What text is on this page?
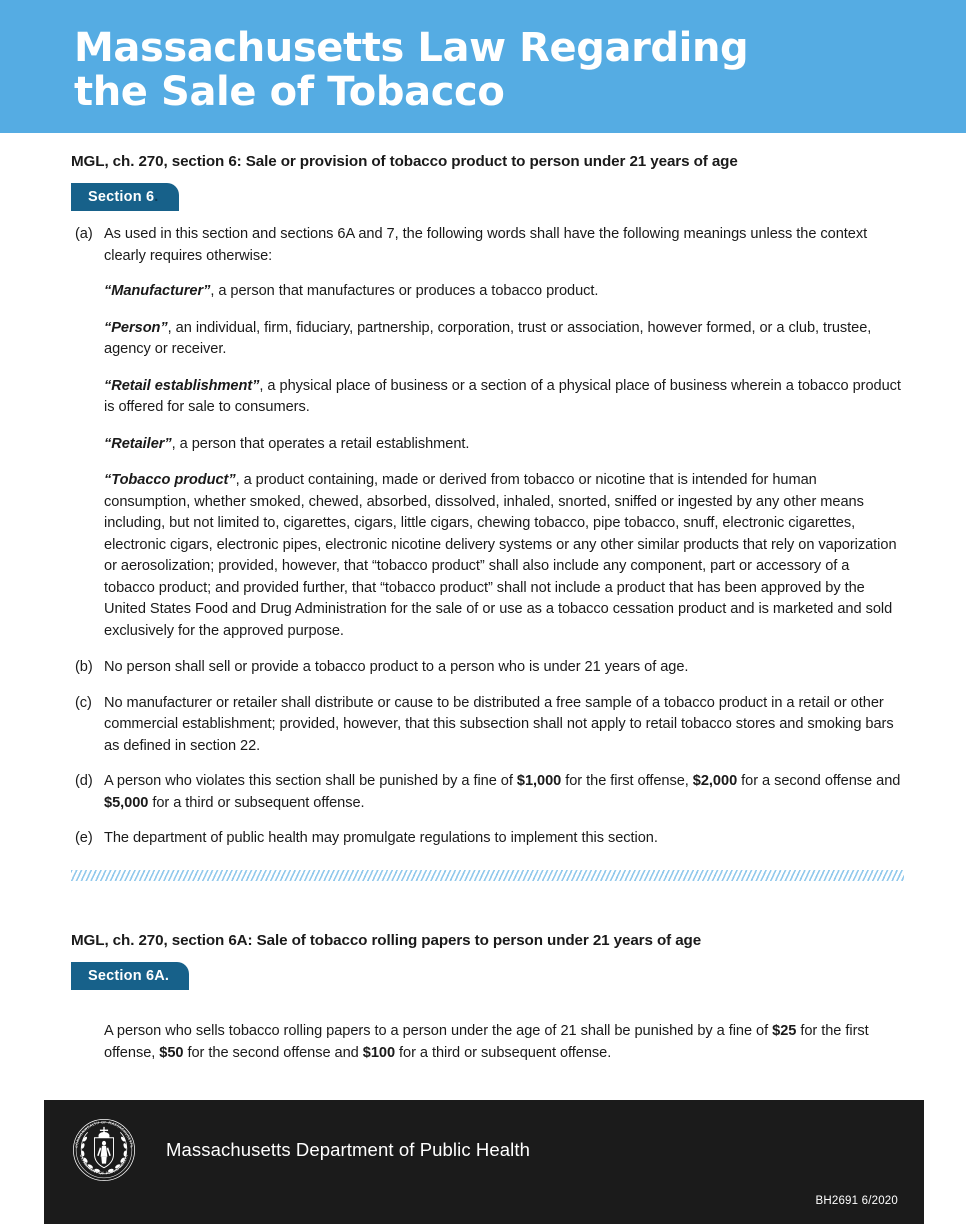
Massachusetts Law Regarding
the Sale of Tobacco

MGL, ch. 270, section 6: Sale or provision of tobacco product to person under 21 years of age

Section 6.

(a) As used in this section and sections 6A and 7, the following words shall have the following meanings unless the context clearly requires otherwise:

“Manufacturer”, a person that manufactures or produces a tobacco product.

“Person”, an individual, firm, fiduciary, partnership, corporation, trust or association, however formed, or a club, trustee, agency or receiver.

“Retail establishment”, a physical place of business or a section of a physical place of business wherein a tobacco product is offered for sale to consumers.

“Retailer”, a person that operates a retail establishment.

“Tobacco product”, a product containing, made or derived from tobacco or nicotine that is intended for human consumption, whether smoked, chewed, absorbed, dissolved, inhaled, snorted, sniffed or ingested by any other means including, but not limited to, cigarettes, cigars, little cigars, chewing tobacco, pipe tobacco, snuff, electronic cigarettes, electronic cigars, electronic pipes, electronic nicotine delivery systems or any other similar products that rely on vaporization or aerosolization; provided, however, that “tobacco product” shall also include any component, part or accessory of a tobacco product; and provided further, that “tobacco product” shall not include a product that has been approved by the United States Food and Drug Administration for the sale of or use as a tobacco cessation product and is marketed and sold exclusively for the approved purpose.

(b) No person shall sell or provide a tobacco product to a person who is under 21 years of age.

(c) No manufacturer or retailer shall distribute or cause to be distributed a free sample of a tobacco product in a retail or other commercial establishment; provided, however, that this subsection shall not apply to retail tobacco stores and smoking bars as defined in section 22.

(d) A person who violates this section shall be punished by a fine of $1,000 for the first offense, $2,000 for a second offense and $5,000 for a third or subsequent offense.

(e) The department of public health may promulgate regulations to implement this section.

MGL, ch. 270, section 6A: Sale of tobacco rolling papers to person under 21 years of age

Section 6A.

A person who sells tobacco rolling papers to a person under the age of 21 shall be punished by a fine of $25 for the first offense, $50 for the second offense and $100 for a third or subsequent offense.

COMMONWEALTH OF MASSACHUSETTS
DEPARTMENT OF PUBLIC HEALTH Massachusetts Department of Public Health
BH2691 6/2020
